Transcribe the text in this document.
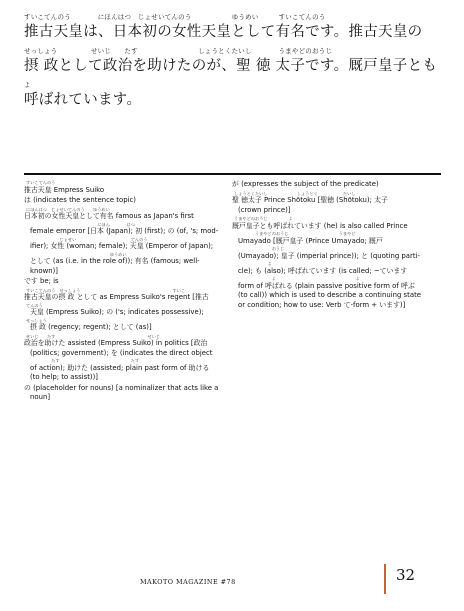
すいこてんのう　　　　にほんはつ　じょせいてんのう　　　　　　ゆうめい　　　すいこてんのう
推古天皇は、日本初の女性天皇として有名です。推古天皇の
せっしょう　　　　　せいじ　　たす　　　　　　　　　しょうとくたいし　　　　うまやどのおうじ
摂 政として政治を助けたのが、聖 徳 太子です。厩戸皇子とも
よ
呼ばれています。
すいこてんのう
推古天皇 Empress Suiko
は (indicates the sentence topic)
にほんはつ　じょせいてんのう　　ゆうめい
日本初の女性天皇として有名 famous as Japan's first
　　　　　　　　　　　　　　　　　にほん　　　　はつ
female emperor [日本 (Japan); 初 (first); の (of, 's; mod-
　　　　　　　　じょせい　　　　　　　　　　　　　てんのう
ifier); 女性 (woman; female); 天皇 (Emperor of Japan);
　　　　　　　　　　　　　　　　　　　　ゆうめい
として (as (i.e. in the role of)); 有名 (famous; well-
known)]
です be; is
すいこてんのう　せっしょう　　　　　　　　　　　　　　　　　　　　　　すいこ
推古天皇の摂 政 として as Empress Suiko's regent [推古
てんのう
天皇 (Empress Suiko); の ('s; indicates possessive);
せっしょう
摂 政 (regency; regent); として (as)]
せいじ　　たす　　　　　　　　　　　　　　　　　　　　　　せいじ
政治を助けた assisted (Empress Suiko) in politics [政治
(politics; government); を (indicates the direct object
　　　　　　たす　　　　　　　　　　　　　　　　　たす
of action); 助けた (assisted; plain past form of 助ける
(to help; to assist))]
の (placeholder for nouns) [a nominalizer that acts like a
noun]
が (expresses the subject of the predicate)
しょうとくたいし　　　　　　　しょうとく　　　　　　たいし
聖 徳太子 Prince Shōtoku [聖徳 (Shōtoku); 太子
(crown prince)]
うまやどのおうじ　　　　　よ
厩戸皇子とも呼ばれています (he) is also called Prince
　　　　　うまやどのおうじ　　　　　　　　　　　　うまやど
Umayado [厩戸皇子 (Prince Umayado; 厩戸
　　　　　　　　　おうじ
(Umayado); 皇子 (imperial prince)); と (quoting parti-
　　　　　　　　よ
cle); も (also); 呼ばれています (is called; ~ています
　　　　　　　　　よ　　　　　　　　　　　　　　　　　　　よ
form of 呼ばれる (plain passive positive form of 呼ぶ
(to call)) which is used to describe a continuing state
or condition; how to use: Verb て-form + います)]
MAKOTO MAGAZINE #78	32
